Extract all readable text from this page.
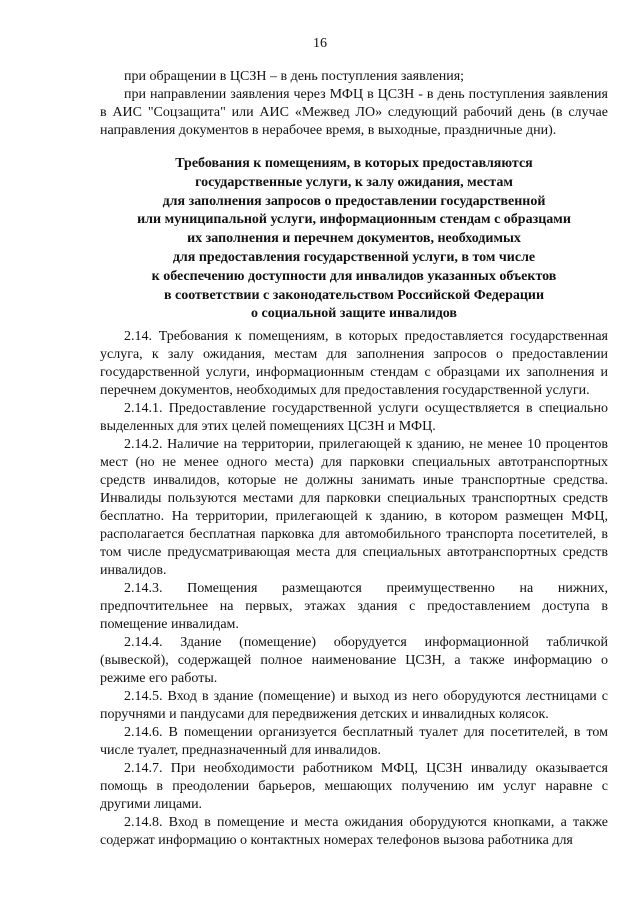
16

при обращении в ЦСЗН – в день поступления заявления;

при направлении заявления через МФЦ в ЦСЗН - в день поступления заявления в АИС "Соцзащита" или АИС «Межвед ЛО» следующий рабочий день (в случае направления документов в нерабочее время, в выходные, праздничные дни).

Требования к помещениям, в которых предоставляются
государственные услуги, к залу ожидания, местам
для заполнения запросов о предоставлении государственной
или муниципальной услуги, информационным стендам с образцами
их заполнения и перечнем документов, необходимых
для предоставления государственной услуги, в том числе
к обеспечению доступности для инвалидов указанных объектов
в соответствии с законодательством Российской Федерации
о социальной защите инвалидов

2.14. Требования к помещениям, в которых предоставляется государственная услуга, к залу ожидания, местам для заполнения запросов о предоставлении государственной услуги, информационным стендам с образцами их заполнения и перечнем документов, необходимых для предоставления государственной услуги.

2.14.1. Предоставление государственной услуги осуществляется в специально выделенных для этих целей помещениях ЦСЗН и МФЦ.

2.14.2. Наличие на территории, прилегающей к зданию, не менее 10 процентов мест (но не менее одного места) для парковки специальных автотранспортных средств инвалидов, которые не должны занимать иные транспортные средства. Инвалиды пользуются местами для парковки специальных транспортных средств бесплатно. На территории, прилегающей к зданию, в котором размещен МФЦ, располагается бесплатная парковка для автомобильного транспорта посетителей, в том числе предусматривающая места для специальных автотранспортных средств инвалидов.

2.14.3. Помещения размещаются преимущественно на нижних, предпочтительнее на первых, этажах здания с предоставлением доступа в помещение инвалидам.

2.14.4. Здание (помещение) оборудуется информационной табличкой (вывеской), содержащей полное наименование ЦСЗН, а также информацию о режиме его работы.

2.14.5. Вход в здание (помещение) и выход из него оборудуются лестницами с поручнями и пандусами для передвижения детских и инвалидных колясок.

2.14.6. В помещении организуется бесплатный туалет для посетителей, в том числе туалет, предназначенный для инвалидов.

2.14.7. При необходимости работником МФЦ, ЦСЗН инвалиду оказывается помощь в преодолении барьеров, мешающих получению им услуг наравне с другими лицами.

2.14.8. Вход в помещение и места ожидания оборудуются кнопками, а также содержат информацию о контактных номерах телефонов вызова работника для
